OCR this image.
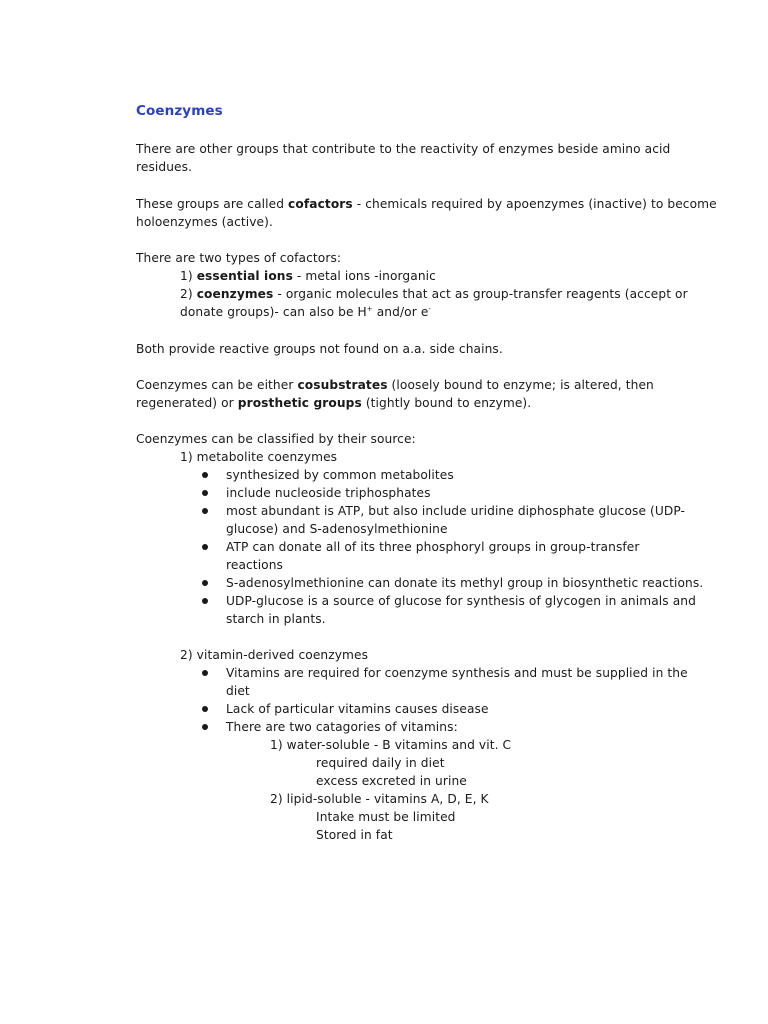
Coenzymes
There are other groups that contribute to the reactivity of enzymes beside amino acid
residues.
These groups are called cofactors - chemicals required by apoenzymes (inactive) to become
holoenzymes (active).
There are two types of cofactors:
1) essential ions - metal ions -inorganic
2) coenzymes - organic molecules that act as group-transfer reagents (accept or
donate groups)- can also be H+ and/or e-
Both provide reactive groups not found on a.a. side chains.
Coenzymes can be either cosubstrates (loosely bound to enzyme; is altered, then
regenerated) or prosthetic groups (tightly bound to enzyme).
Coenzymes can be classified by their source:
1) metabolite coenzymes
synthesized by common metabolites
include nucleoside triphosphates
most abundant is ATP, but also include uridine diphosphate glucose (UDP-
glucose) and S-adenosylmethionine
ATP can donate all of its three phosphoryl groups in group-transfer
reactions
S-adenosylmethionine can donate its methyl group in biosynthetic reactions.
UDP-glucose is a source of glucose for synthesis of glycogen in animals and
starch in plants.
2) vitamin-derived coenzymes
Vitamins are required for coenzyme synthesis and must be supplied in the
diet
Lack of particular vitamins causes disease
There are two catagories of vitamins:
1) water-soluble - B vitamins and vit. C
required daily in diet
excess excreted in urine
2) lipid-soluble - vitamins A, D, E, K
Intake must be limited
Stored in fat
